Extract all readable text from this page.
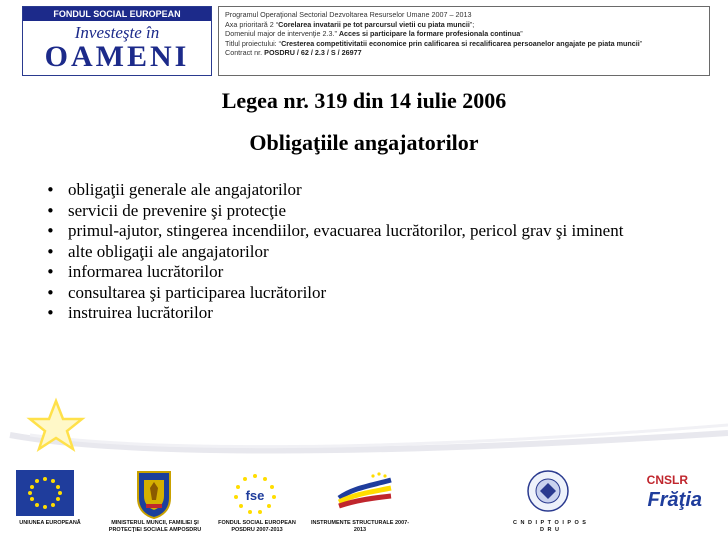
FONDUL SOCIAL EUROPEAN
Investeşte în
OAMENI
Programul Operaţional Sectorial Dezvoltarea Resurselor Umane 2007 – 2013
Axa prioritară 2 “Corelarea invatarii pe tot parcursul vietii cu piata muncii”;
Domeniul major de intervenţie 2.3.” Acces si participare la formare profesionala continua”
Titlul proiectului: “Cresterea competitivitatii economice prin calificarea si recalificarea persoanelor angajate pe piata muncii”
Contract nr. POSDRU / 62 / 2.3 / S / 26977
Legea nr. 319 din 14 iulie 2006
Obligaţiile angajatorilor
• obligaţii generale ale angajatorilor
• servicii de prevenire şi protecţie
• primul-ajutor, stingerea incendiilor, evacuarea lucrătorilor, pericol grav şi iminent
• alte obligaţii ale angajatorilor
• informarea lucrătorilor
• consultarea şi participarea lucrătorilor
• instruirea lucrătorilor
fse
CNSLR
Frăţia
UNIUNEA EUROPEANĂ	MINISTERUL MUNCII, FAMILIEI ŞI PROTECŢIEI SOCIALE AMPOSDRU
FONDUL SOCIAL EUROPEAN POSDRU 2007-2013
INSTRUMENTE STRUCTURALE 2007-2013
C N D I P T O I P O S D R U
